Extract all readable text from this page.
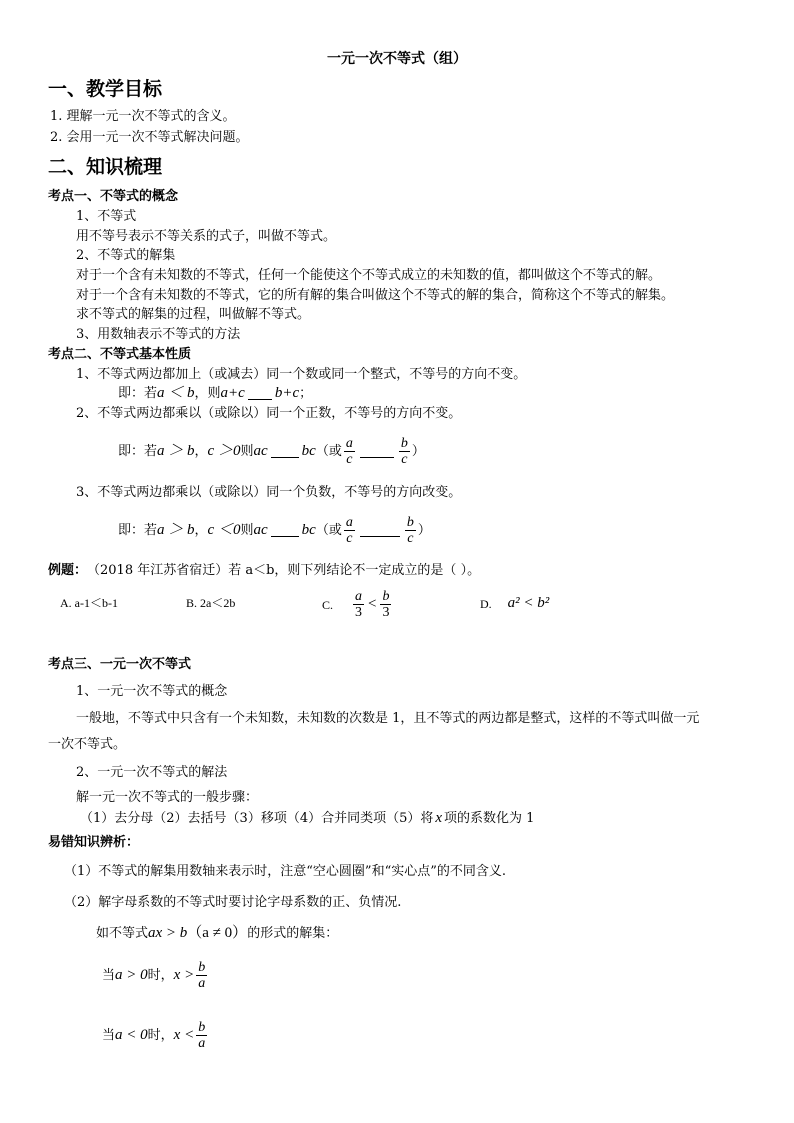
一元一次不等式（组）
一、教学目标
1. 理解一元一次不等式的含义。
2. 会用一元一次不等式解决问题。
二、知识梳理
考点一、不等式的概念
1、不等式
用不等号表示不等关系的式子，叫做不等式。
2、不等式的解集
对于一个含有未知数的不等式，任何一个能使这个不等式成立的未知数的值，都叫做这个不等式的解。
对于一个含有未知数的不等式，它的所有解的集合叫做这个不等式的解的集合，简称这个不等式的解集。
求不等式的解集的过程，叫做解不等式。
3、用数轴表示不等式的方法
考点二、不等式基本性质
1、不等式两边都加上（或减去）同一个数或同一个整式，不等号的方向不变。
即：若 a ＜ b ，则 a+c b+c ；
2、不等式两边都乘以（或除以）同一个正数，不等号的方向不变。
即：若 a ＞ b ， c ＞0 则 ac bc （或 $\frac{a}{c}$	$\frac{b}{c}$ ）
3、不等式两边都乘以（或除以）同一个负数，不等号的方向改变。
即：若 a ＞ b ， c ＜0 则 ac bc （或 $\frac{a}{c}$	$\frac{b}{c}$ ）
例题： （2018 年江苏省宿迁）若 a＜b，则下列结论不一定成立的是（ ）。
A. a-1＜b-1	B. 2a＜2b	C. $\frac{a}{3} < \frac{b}{3}$	D. a² < b²
考点三、一元一次不等式
1、一元一次不等式的概念
一般地，不等式中只含有一个未知数，未知数的次数是 1，且不等式的两边都是整式，这样的不等式叫做一元
一次不等式。
2、一元一次不等式的解法
解一元一次不等式的一般步骤：
（1）去分母（2）去括号（3）移项（4）合并同类项（5）将 x 项的系数化为 1
易错知识辨析：
（1）不等式的解集用数轴来表示时，注意“空心圆圈”和“实心点”的不同含义.
（2）解字母系数的不等式时要讨论字母系数的正、负情况.
如不等式 ax > b （a ≠ 0） 的形式的解集：
当 a > 0 时， $x > \frac{b}{a}$
当 a < 0 时， $x < \frac{b}{a}$
